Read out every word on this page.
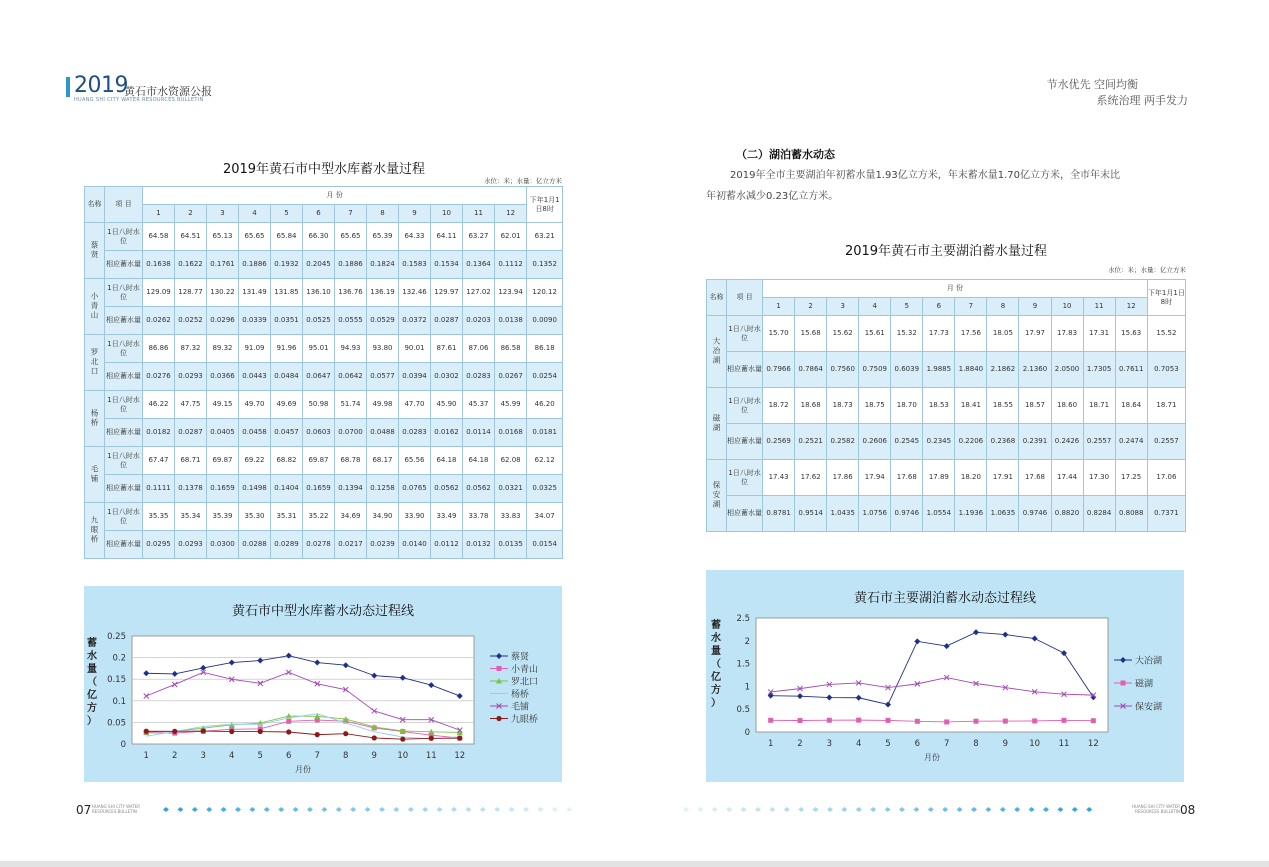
2019
黄石市水资源公报
HUANG SHI CITY WATER RESOURCES BULLETIN
节水优先 空间均衡
系统治理 两手发力
2019年黄石市中型水库蓄水量过程
水位：米；水量：亿立方米
名称	项 目	月 份												下年1月1日8时
		1	2	3	4	5	6	7	8	9	10	11	12	
蔡贤	1日八时水位	64.58	64.51	65.13	65.65	65.84	66.30	65.65	65.39	64.33	64.11	63.27	62.01	63.21
	相应蓄水量	0.1638	0.1622	0.1761	0.1886	0.1932	0.2045	0.1886	0.1824	0.1583	0.1534	0.1364	0.1112	0.1352
小青山	1日八时水位	129.09	128.77	130.22	131.49	131.85	136.10	136.76	136.19	132.46	129.97	127.02	123.94	120.12
	相应蓄水量	0.0262	0.0252	0.0296	0.0339	0.0351	0.0525	0.0555	0.0529	0.0372	0.0287	0.0203	0.0138	0.0090
罗北口	1日八时水位	86.86	87.32	89.32	91.09	91.96	95.01	94.93	93.80	90.01	87.61	87.06	86.58	86.18
	相应蓄水量	0.0276	0.0293	0.0366	0.0443	0.0484	0.0647	0.0642	0.0577	0.0394	0.0302	0.0283	0.0267	0.0254
杨桥	1日八时水位	46.22	47.75	49.15	49.70	49.69	50.98	51.74	49.98	47.70	45.90	45.37	45.99	46.20
	相应蓄水量	0.0182	0.0287	0.0405	0.0458	0.0457	0.0603	0.0700	0.0488	0.0283	0.0162	0.0114	0.0168	0.0181
毛铺	1日八时水位	67.47	68.71	69.87	69.22	68.82	69.87	68.78	68.17	65.56	64.18	64.18	62.08	62.12
	相应蓄水量	0.1111	0.1378	0.1659	0.1498	0.1404	0.1659	0.1394	0.1258	0.0765	0.0562	0.0562	0.0321	0.0325
九眼桥	1日八时水位	35.35	35.34	35.39	35.30	35.31	35.22	34.69	34.90	33.90	33.49	33.78	33.83	34.07
	相应蓄水量	0.0295	0.0293	0.0300	0.0288	0.0289	0.0278	0.0217	0.0239	0.0140	0.0112	0.0132	0.0135	0.0154
（二）湖泊蓄水动态
2019年全市主要湖泊年初蓄水量1.93亿立方米，年末蓄水量1.70亿立方米，全市年末比
年初蓄水减少0.23亿立方米。
2019年黄石市主要湖泊蓄水量过程
水位：米；水量：亿立方米
名称	项 目	月 份												下年1月1日8时
		1	2	3	4	5	6	7	8	9	10	11	12	
大冶湖	1日八时水位	15.70	15.68	15.62	15.61	15.32	17.73	17.56	18.05	17.97	17.83	17.31	15.63	15.52
	相应蓄水量	0.7966	0.7864	0.7560	0.7509	0.6039	1.9885	1.8840	2.1862	2.1360	2.0500	1.7305	0.7611	0.7053
磁湖	1日八时水位	18.72	18.68	18.73	18.75	18.70	18.53	18.41	18.55	18.57	18.60	18.71	18.64	18.71
	相应蓄水量	0.2569	0.2521	0.2582	0.2606	0.2545	0.2345	0.2206	0.2368	0.2391	0.2426	0.2557	0.2474	0.2557
保安湖	1日八时水位	17.43	17.62	17.86	17.94	17.68	17.89	18.20	17.91	17.68	17.44	17.30	17.25	17.06
	相应蓄水量	0.8781	0.9514	1.0435	1.0756	0.9746	1.0554	1.1936	1.0635	0.9746	0.8820	0.8284	0.8088	0.7371
黄石市中型水库蓄水动态过程线
0
0.05
0.1
0.15
0.2
0.25
1	2	3	4	5	6	7	8	9 10 11 12
月份
蓄
水
量
（
亿
方
）
蔡贤
小青山
罗北口
杨桥
毛铺
九眼桥
黄石市主要湖泊蓄水动态过程线
0
0.5
1
1.5
2
2.5
1	2	3	4	5	6	7	8	9 10 11 12
月份
蓄
水
量
（
亿
方
）
大冶湖
磁湖
保安湖
07 HUANG SHI CITY WATER RESOURCES BULLETIN
HUANG SHI CITY WATER RESOURCES BULLETIN 08
